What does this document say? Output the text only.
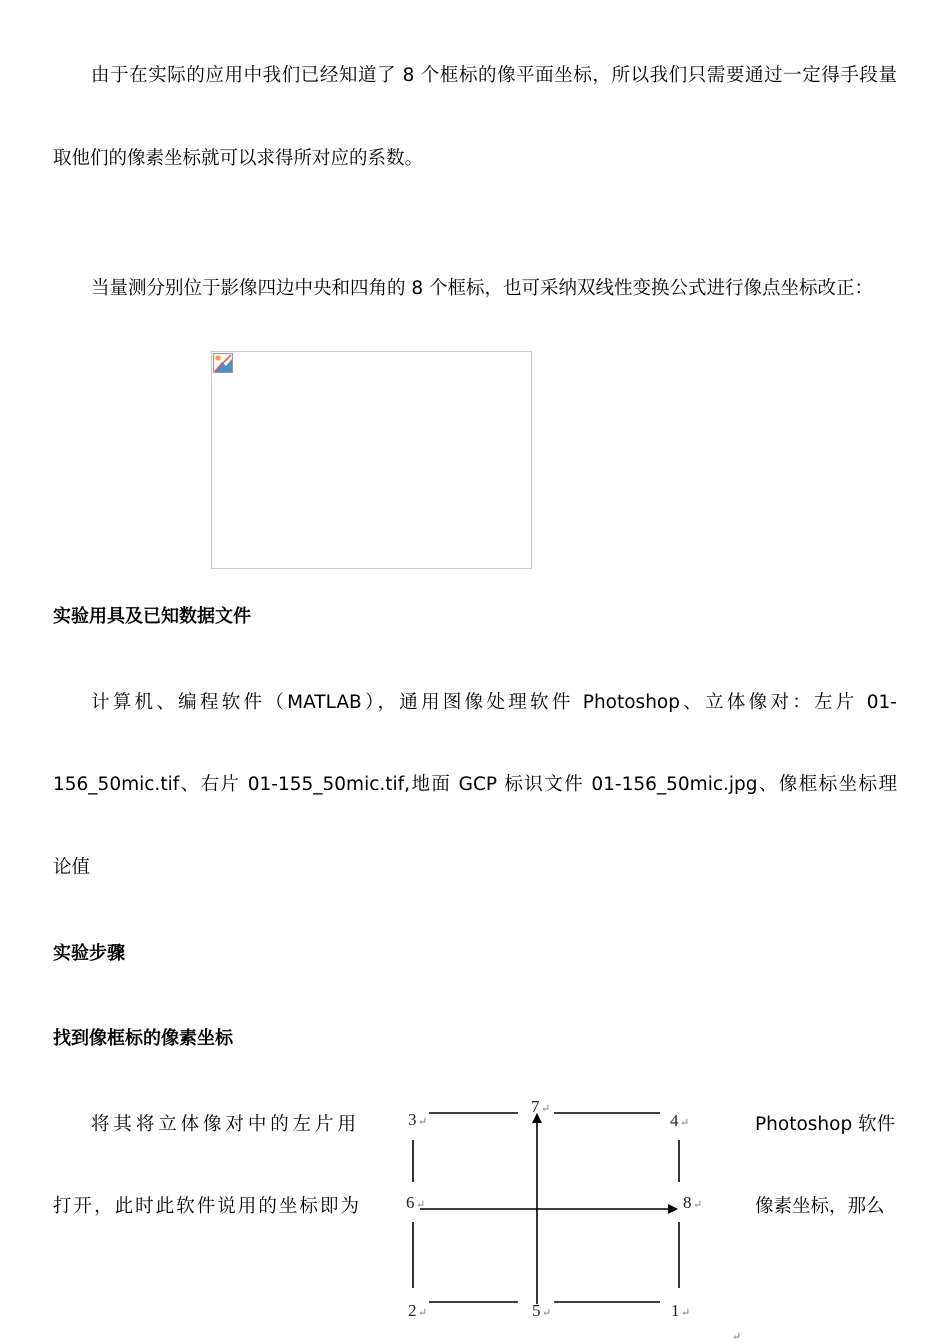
由于在实际的应用中我们已经知道了 8 个框标的像平面坐标，所以我们只需要通过一定得手段量
取他们的像素坐标就可以求得所对应的系数。
当量测分别位于影像四边中央和四角的 8 个框标，也可采纳双线性变换公式进行像点坐标改正：
实验用具及已知数据文件
计算机、编程软件（MATLAB），通用图像处理软件 Photoshop、立体像对：左片 01-
156_50mic.tif、右片 01-155_50mic.tif,地面 GCP 标识文件 01-156_50mic.jpg、像框标坐标理
论值
实验步骤
找到像框标的像素坐标
将其将立体像对中的左片用	Photoshop 软件
打开，此时此软件说用的坐标即为	像素坐标，那么
3 ↵
7 ↵
4 ↵
6 ↵	8 ↵
2 ↵	5 ↵	1 ↵
↵
